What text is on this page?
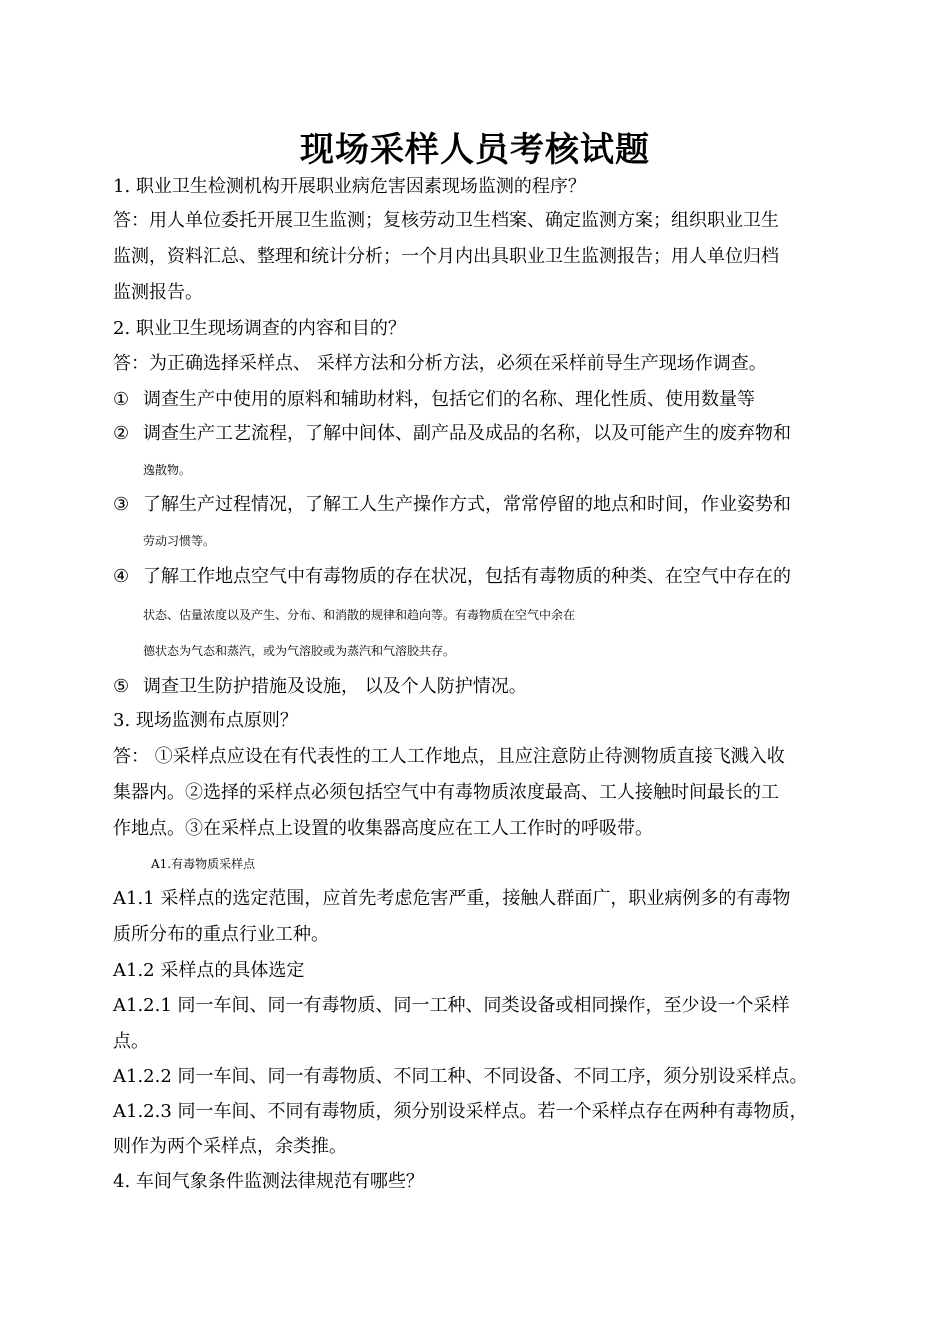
现场采样人员考核试题
1. 职业卫生检测机构开展职业病危害因素现场监测的程序？
答：用人单位委托开展卫生监测；复核劳动卫生档案、确定监测方案；组织职业卫生
监测，资料汇总、整理和统计分析；一个月内出具职业卫生监测报告；用人单位归档
监测报告。
2. 职业卫生现场调查的内容和目的？
答：为正确选择采样点、 采样方法和分析方法，必须在采样前导生产现场作调查。
① 调查生产中使用的原料和辅助材料，包括它们的名称、理化性质、使用数量等
② 调查生产工艺流程，了解中间体、副产品及成品的名称，以及可能产生的废弃物和
逸散物。
③ 了解生产过程情况，了解工人生产操作方式，常常停留的地点和时间，作业姿势和
劳动习惯等。
④ 了解工作地点空气中有毒物质的存在状况，包括有毒物质的种类、在空气中存在的
状态、估量浓度以及产生、分布、和消散的规律和趋向等。有毒物质在空气中余在
德状态为气态和蒸汽，或为气溶胶或为蒸汽和气溶胶共存。
⑤ 调查卫生防护措施及设施， 以及个人防护情况。
3. 现场监测布点原则？
答： ①采样点应设在有代表性的工人工作地点，且应注意防止待测物质直接飞溅入收
集器内。②选择的采样点必须包括空气中有毒物质浓度最高、工人接触时间最长的工
作地点。③在采样点上设置的收集器高度应在工人工作时的呼吸带。
A1.有毒物质采样点
A1.1 采样点的选定范围，应首先考虑危害严重，接触人群面广，职业病例多的有毒物
质所分布的重点行业工种。
A1.2 采样点的具体选定
A1.2.1 同一车间、同一有毒物质、同一工种、同类设备或相同操作，至少设一个采样
点。
A1.2.2 同一车间、同一有毒物质、不同工种、不同设备、不同工序，须分别设采样点。
A1.2.3 同一车间、不同有毒物质，须分别设采样点。若一个采样点存在两种有毒物质，
则作为两个采样点，余类推。
4. 车间气象条件监测法律规范有哪些？
